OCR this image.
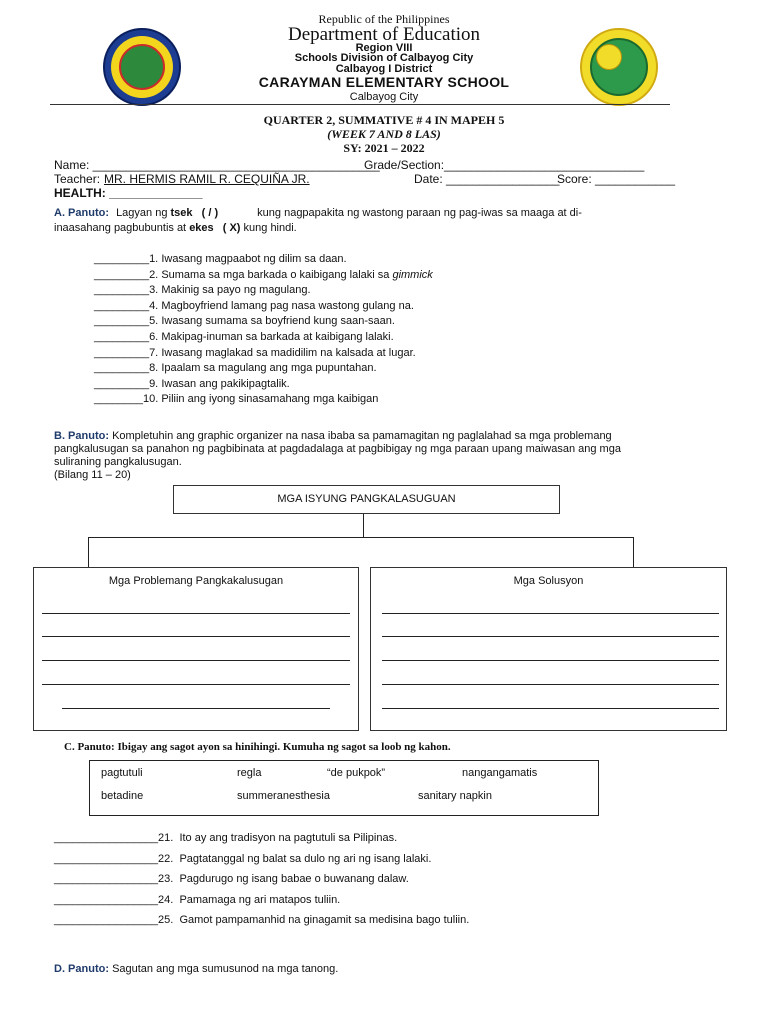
Republic of the Philippines
Department of Education
Region VIII
Schools Division of Calbayog City
Calbayog I District
CARAYMAN ELEMENTARY SCHOOL
Calbayog City
QUARTER 2, SUMMATIVE # 4 IN MAPEH 5
(WEEK 7 AND 8 LAS)
SY: 2021 – 2022
Name: ___________________________________________
Grade/Section:______________________________
Teacher: MR. HERMIS RAMIL R. CEQUIÑA JR.	Date: _________________
Score: ____________
HEALTH: ______________
A. Panuto: Lagyan ng tsek ( / )	kung nagpapakita ng wastong paraan ng pag-iwas sa maaga at di-
inaasahang pagbubuntis at ekes ( X) kung hindi.
_________1. Iwasang magpaabot ng dilim sa daan.
_________2. Sumama sa mga barkada o kaibigang lalaki sa gimmick
_________3. Makinig sa payo ng magulang.
_________4. Magboyfriend lamang pag nasa wastong gulang na.
_________5. Iwasang sumama sa boyfriend kung saan-saan.
_________6. Makipag-inuman sa barkada at kaibigang lalaki.
_________7. Iwasang maglakad sa madidilim na kalsada at lugar.
_________8. Ipaalam sa magulang ang mga pupuntahan.
_________9. Iwasan ang pakikipagtalik.
________10. Piliin ang iyong sinasamahang mga kaibigan
B. Panuto: Kompletuhin ang graphic organizer na nasa ibaba sa pamamagitan ng paglalahad sa mga problemang
pangkalusugan sa panahon ng pagbibinata at pagdadalaga at pagbibigay ng mga paraan upang maiwasan ang mga
suliraning pangkalusugan.
(Bilang 11 – 20)
MGA ISYUNG PANGKALASUGUAN
Mga Problemang Pangkakalusugan	Mga Solusyon
C. Panuto: Ibigay ang sagot ayon sa hinihingi. Kumuha ng sagot sa loob ng kahon.
pagtutuli	regla	“de pukpok”	nangangamatis
betadine	summeranesthesia	sanitary napkin
_________________21. Ito ay ang tradisyon na pagtutuli sa Pilipinas.
_________________22. Pagtatanggal ng balat sa dulo ng ari ng isang lalaki.
_________________23. Pagdurugo ng isang babae o buwanang dalaw.
_________________24. Pamamaga ng ari matapos tuliin.
_________________25. Gamot pampamanhid na ginagamit sa medisina bago tuliin.
D. Panuto: Sagutan ang mga sumusunod na mga tanong.
